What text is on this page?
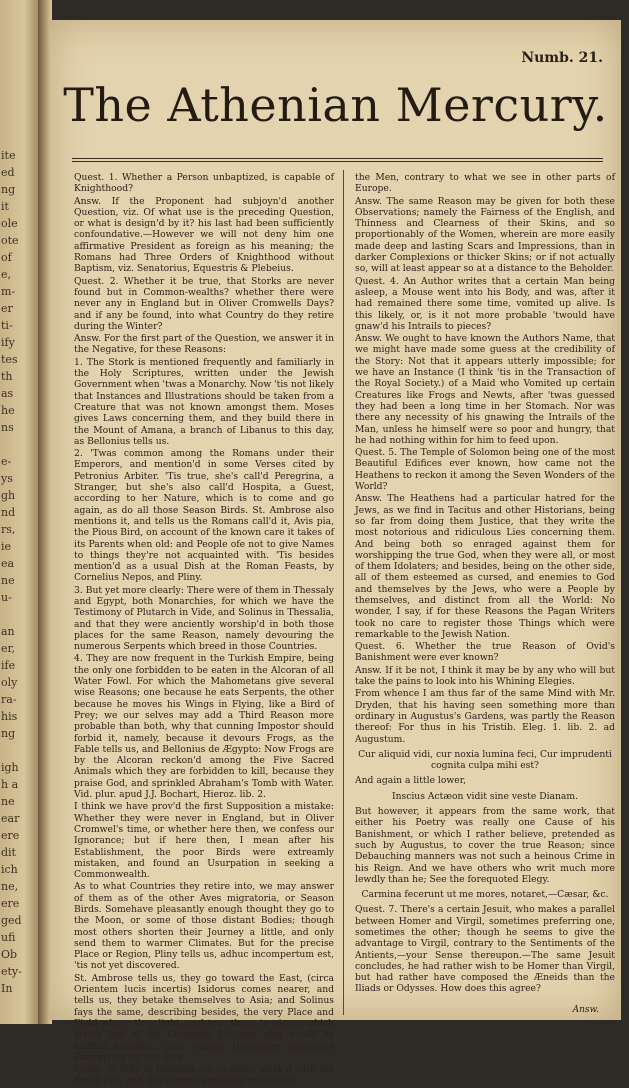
ite
ed
ng
it
ole
ote
of
e,
m-
er
ti-
ify
tes
th
as
he
ns
e-
ys
gh
nd
rs,
ie
ea
ne
u-
an
er,
ife
oly
ra-
his
ng
igh
h a
ne
ear
ere
dit
ich
ne,
ere
ged
ufi
Ob
ety-
In
Numb. 21.
The Athenian Mercury.

Quest. 1. Whether a Person unbaptized, is capable of Knighthood?

Answ. If the Proponent had subjoyn'd another Question, viz. Of what use is the preceding Question, or what is design'd by it? his last had been sufficiently confoundative.—However we will not deny him one affirmative President as foreign as his meaning; the Romans had Three Orders of Knighthood without Baptism, viz. Senatorius, Equestris & Plebeius.

Quest. 2. Whether it be true, that Storks are never found but in Common-wealths? whether there were never any in England but in Oliver Cromwells Days? and if any be found, into what Country do they retire during the Winter?

Answ. For the first part of the Question, we answer it in the Negative, for these Reasons:

1. The Stork is mentioned frequently and familiarly in the Holy Scriptures, written under the Jewish Government when 'twas a Monarchy. Now 'tis not likely that Instances and Illustrations should be taken from a Creature that was not known amongst them. Moses gives Laws concerning them, and they build there in the Mount of Amana, a branch of Libanus to this day, as Bellonius tells us.

2. 'Twas common among the Romans under their Emperors, and mention'd in some Verses cited by Petronius Arbiter. 'Tis true, she's call'd Peregrina, a Stranger, but she's also call'd Hospita, a Guest, according to her Nature, which is to come and go again, as do all those Season Birds. St. Ambrose also mentions it, and tells us the Romans call'd it, Avis pia, the Pious Bird, on account of the known care it takes of its Parents when old: and People ofe not to give Names to things they're not acquainted with. 'Tis besides mention'd as a usual Dish at the Roman Feasts, by Cornelius Nepos, and Pliny.

3. But yet more clearly: There were of them in Thessaly and Egypt, both Monarchies, for which we have the Testimony of Plutarch in Vide, and Solinus in Thessalia, and that they were anciently worship'd in both those places for the same Reason, namely devouring the numerous Serpents which breed in those Countries.

4. They are now frequent in the Turkish Empire, being the only one forbidden to be eaten in the Alcoran of all Water Fowl. For which the Mahometans give several wise Reasons; one because he eats Serpents, the other because he moves his Wings in Flying, like a Bird of Prey; we our selves may add a Third Reason more probable than both, why that cunning Impostor should forbid it, namely, because it devours Frogs, as the Fable tells us, and Bellonius de Ægypto: Now Frogs are by the Alcoran reckon'd among the Five Sacred Animals which they are forbidden to kill, because they praise God, and sprinkled Abraham's Tomb with Water. Vid. plur. apud J.J. Bochart, Hieroz. lib. 2.

I think we have prov'd the first Supposition a mistake: Whether they were never in England, but in Oliver Cromwel's time, or whether here then, we confess our Ignorance; but if here then, I mean after his Establishment, the poor Birds were extreamly mistaken, and found an Usurpation in seeking a Commonwealth.

As to what Countries they retire into, we may answer of them as of the other Aves migratoria, or Season Birds. Somehave pleasantly enough thought they go to the Moon, or some of those distant Bodies; though most others shorten their Journey a little, and only send them to warmer Climates. But for the precise Place or Region, Pliny tells us, adhuc incompertum est, 'tis not yet discovered.

St. Ambrose tells us, they go toward the East, (circa Orientem lucis incertis) Isidorus comes nearer, and tells us, they betake themselves to Asia; and Solinus fays the same, describing besides, the very Place and Field where they light, and tear those to pieces which arrive last of the Company. Let any who would be further satisfied, read Gasper Heldelines ingenious Panegyrick on this Bird.

Quest. 3. Why in England are so many mark'd with the Small Pox; and the Women generally more than

the Men, contrary to what we see in other parts of Europe.

Answ. The same Reason may be given for both these Observations; namely the Fairness of the English, and Thinness and Clearness of their Skins, and so proportionably of the Women, wherein are more easily made deep and lasting Scars and Impressions, than in darker Complexions or thicker Skins; or if not actually so, will at least appear so at a distance to the Beholder.

Quest. 4. An Author writes that a certain Man being asleep, a Mouse went into his Body, and was, after it had remained there some time, vomited up alive. Is this likely, or, is it not more probable 'twould have gnaw'd his Intrails to pieces?

Answ. We ought to have known the Authors Name, that we might have made some guess at the credibility of the Story: Not that it appears utterly impossible; for we have an Instance (I think 'tis in the Transaction of the Royal Society.) of a Maid who Vomited up certain Creatures like Frogs and Newts, after 'twas guessed they had been a long time in her Stomach. Nor was there any necessity of his gnawing the Intrails of the Man, unless he himself were so poor and hungry, that he had nothing within for him to feed upon.

Quest. 5. The Temple of Solomon being one of the most Beautiful Edifices ever known, how came not the Heathens to reckon it among the Seven Wonders of the World?

Answ. The Heathens had a particular hatred for the Jews, as we find in Tacitus and other Historians, being so far from doing them Justice, that they write the most notorious and ridiculous Lies concerning them. And being both so enraged against them for worshipping the true God, when they were all, or most of them Idolaters; and besides, being on the other side, all of them esteemed as cursed, and enemies to God and themselves by the Jews, who were a People by themselves, and distinct from all the World: No wonder, I say, if for these Reasons the Pagan Writers took no care to register those Things which were remarkable to the Jewish Nation.

Quest. 6. Whether the true Reason of Ovid's Banishment were ever known?

Answ. If it be not, I think it may be by any who will but take the pains to look into his Whining Elegies.

From whence I am thus far of the same Mind with Mr. Dryden, that his having seen something more than ordinary in Augustus's Gardens, was partly the Reason thereof: For thus in his Tristib. Eleg. 1. lib. 2. ad Augustum.

Cur aliquid vidi, cur noxia lumina feci, Cur imprudenti cognita culpa mihi est?

And again a little lower,

Inscius Actæon vidit sine veste Dianam.

But however, it appears from the same work, that either his Poetry was really one Cause of his Banishment, or which I rather believe, pretended as such by Augustus, to cover the true Reason; since Debauching manners was not such a heinous Crime in his Reign. And we have others who writ much more lewdly than he; See the forequoted Elegy.

Carmina fecerunt ut me mores, notaret,—Cæsar, &c.

Quest. 7. There's a certain Jesuit, who makes a parallel between Homer and Virgil, sometimes preferring one, sometimes the other; though he seems to give the advantage to Virgil, contrary to the Sentiments of the Antients,—your Sense thereupon.—The same Jesuit concludes, he had rather wish to be Homer than Virgil, but had rather have composed the Æneids than the Iliads or Odysses. How does this agree?

Answ.
